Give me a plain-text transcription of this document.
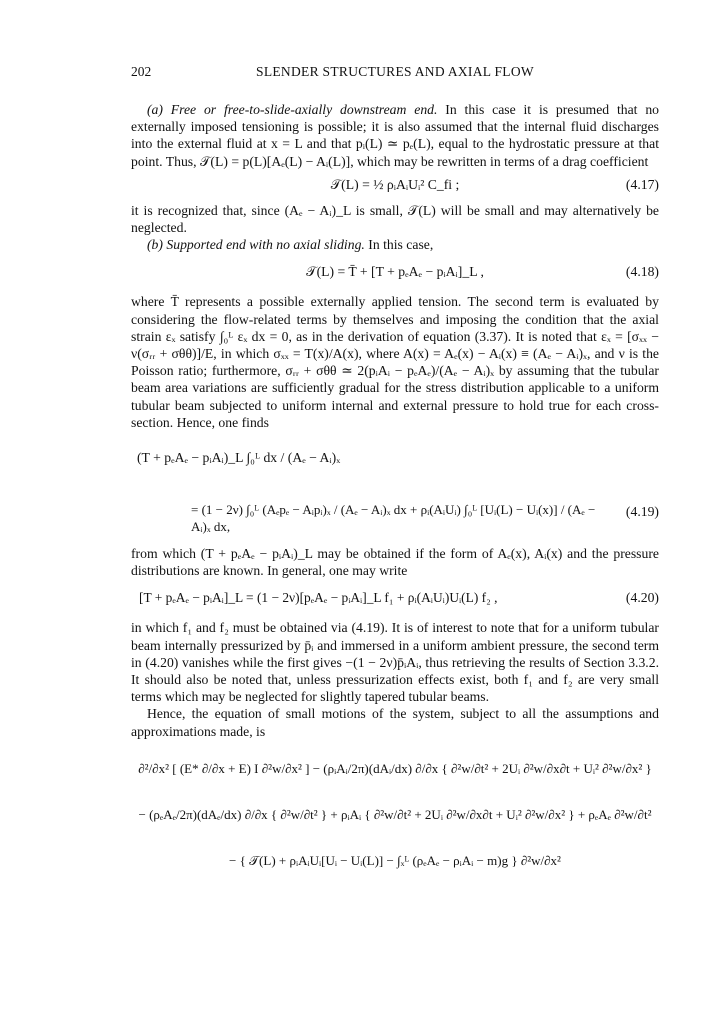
202	SLENDER STRUCTURES AND AXIAL FLOW

(a) Free or free-to-slide-axially downstream end. In this case it is presumed that no externally imposed tensioning is possible; it is also assumed that the internal fluid discharges into the external fluid at x = L and that pᵢ(L) ≃ pₑ(L), equal to the hydrostatic pressure at that point. Thus, 𝒯(L) = p(L)[Aₑ(L) − Aᵢ(L)], which may be rewritten in terms of a drag coefficient

𝒯(L) = ½ ρᵢAᵢUᵢ² C_fi ;	(4.17)

it is recognized that, since (Aₑ − Aᵢ)_L is small, 𝒯(L) will be small and may alternatively be neglected.

(b) Supported end with no axial sliding. In this case,

𝒯(L) = T̄ + [T + pₑAₑ − pᵢAᵢ]_L ,	(4.18)

where T̄ represents a possible externally applied tension. The second term is evaluated by considering the flow-related terms by themselves and imposing the condition that the axial strain εₓ satisfy ∫₀ᴸ εₓ dx = 0, as in the derivation of equation (3.37). It is noted that εₓ = [σₓₓ − ν(σᵣᵣ + σθθ)]/E, in which σₓₓ = T(x)/A(x), where A(x) = Aₑ(x) − Aᵢ(x) ≡ (Aₑ − Aᵢ)ₓ, and ν is the Poisson ratio; furthermore, σᵣᵣ + σθθ ≃ 2(pᵢAᵢ − pₑAₑ)/(Aₑ − Aᵢ)ₓ by assuming that the tubular beam area variations are sufficiently gradual for the stress distribution applicable to a uniform tubular beam subjected to uniform internal and external pressure to hold true for each cross-section. Hence, one finds

(T + pₑAₑ − pᵢAᵢ)_L ∫₀ᴸ dx / (Aₑ − Aᵢ)ₓ
= (1 − 2ν) ∫₀ᴸ (Aₑpₑ − Aᵢpᵢ)ₓ / (Aₑ − Aᵢ)ₓ dx + ρᵢ(AᵢUᵢ) ∫₀ᴸ [Uᵢ(L) − Uᵢ(x)] / (Aₑ − Aᵢ)ₓ dx,
(4.19)

from which (T + pₑAₑ − pᵢAᵢ)_L may be obtained if the form of Aₑ(x), Aᵢ(x) and the pressure distributions are known. In general, one may write

[T + pₑAₑ − pᵢAᵢ]_L = (1 − 2ν)[pₑAₑ − pᵢAᵢ]_L f₁ + ρᵢ(AᵢUᵢ)Uᵢ(L) f₂ ,	(4.20)

in which f₁ and f₂ must be obtained via (4.19). It is of interest to note that for a uniform tubular beam internally pressurized by p̄ᵢ and immersed in a uniform ambient pressure, the second term in (4.20) vanishes while the first gives −(1 − 2ν)p̄ᵢAᵢ, thus retrieving the results of Section 3.3.2. It should also be noted that, unless pressurization effects exist, both f₁ and f₂ are very small terms which may be neglected for slightly tapered tubular beams.

Hence, the equation of small motions of the system, subject to all the assumptions and approximations made, is

∂²/∂x² [ (E* ∂/∂x + E) I ∂²w/∂x² ] − (ρᵢAᵢ/2π)(dAᵢ/dx) ∂/∂x { ∂²w/∂t² + 2Uᵢ ∂²w/∂x∂t + Uᵢ² ∂²w/∂x² }
− (ρₑAₑ/2π)(dAₑ/dx) ∂/∂x { ∂²w/∂t² } + ρᵢAᵢ { ∂²w/∂t² + 2Uᵢ ∂²w/∂x∂t + Uᵢ² ∂²w/∂x² } + ρₑAₑ ∂²w/∂t²
− { 𝒯(L) + ρᵢAᵢUᵢ[Uᵢ − Uᵢ(L)] − ∫ₓᴸ (ρₑAₑ − ρᵢAᵢ − m)g } ∂²w/∂x²
